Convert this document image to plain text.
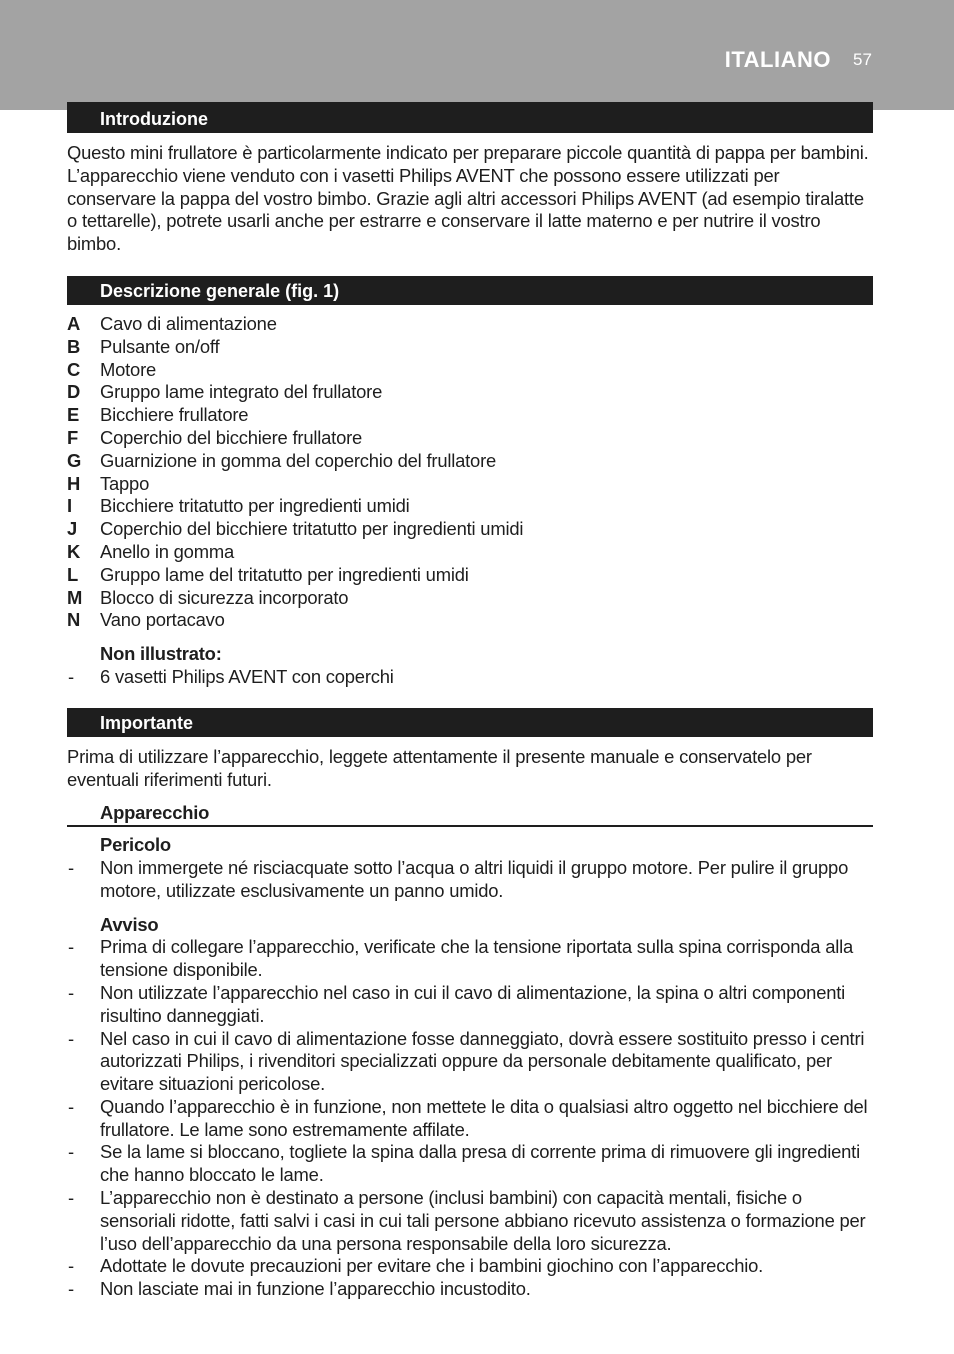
ITALIANO 57
Introduzione

Questo mini frullatore è particolarmente indicato per preparare piccole quantità di pappa per bambini. L’apparecchio viene venduto con i vasetti Philips AVENT che possono essere utilizzati per conservare la pappa del vostro bimbo. Grazie agli altri accessori Philips AVENT (ad esempio tiralatte o tettarelle), potrete usarli anche per estrarre e conservare il latte materno e per nutrire il vostro bimbo.

Descrizione generale (fig. 1)
A	Cavo di alimentazione
B	Pulsante on/off
C	Motore
D	Gruppo lame integrato del frullatore
E	Bicchiere frullatore
F	Coperchio del bicchiere frullatore
G	Guarnizione in gomma del coperchio del frullatore
H	Tappo
I	Bicchiere tritatutto per ingredienti umidi
J	Coperchio del bicchiere tritatutto per ingredienti umidi
K	Anello in gomma
L	Gruppo lame del tritatutto per ingredienti umidi
M Blocco di sicurezza incorporato
N	Vano portacavo

Non illustrato:

-	6 vasetti Philips AVENT con coperchi
Importante

Prima di utilizzare l’apparecchio, leggete attentamente il presente manuale e conservatelo per eventuali riferimenti futuri.

Apparecchio

Pericolo

-	Non immergete né risciacquate sotto l’acqua o altri liquidi il gruppo motore. Per pulire il gruppo motore, utilizzate esclusivamente un panno umido.

Avviso

-	Prima di collegare l’apparecchio, verificate che la tensione riportata sulla spina corrisponda alla tensione disponibile.
-	Non utilizzate l’apparecchio nel caso in cui il cavo di alimentazione, la spina o altri componenti risultino danneggiati.
-	Nel caso in cui il cavo di alimentazione fosse danneggiato, dovrà essere sostituito presso i centri autorizzati Philips, i rivenditori specializzati oppure da personale debitamente qualificato, per evitare situazioni pericolose.
-	Quando l’apparecchio è in funzione, non mettete le dita o qualsiasi altro oggetto nel bicchiere del frullatore. Le lame sono estremamente affilate.
-	Se la lame si bloccano, togliete la spina dalla presa di corrente prima di rimuovere gli ingredienti che hanno bloccato le lame.
-	L’apparecchio non è destinato a persone (inclusi bambini) con capacità mentali, fisiche o sensoriali ridotte, fatti salvi i casi in cui tali persone abbiano ricevuto assistenza o formazione per l’uso dell’apparecchio da una persona responsabile della loro sicurezza.
-	Adottate le dovute precauzioni per evitare che i bambini giochino con l’apparecchio.
-	Non lasciate mai in funzione l’apparecchio incustodito.
